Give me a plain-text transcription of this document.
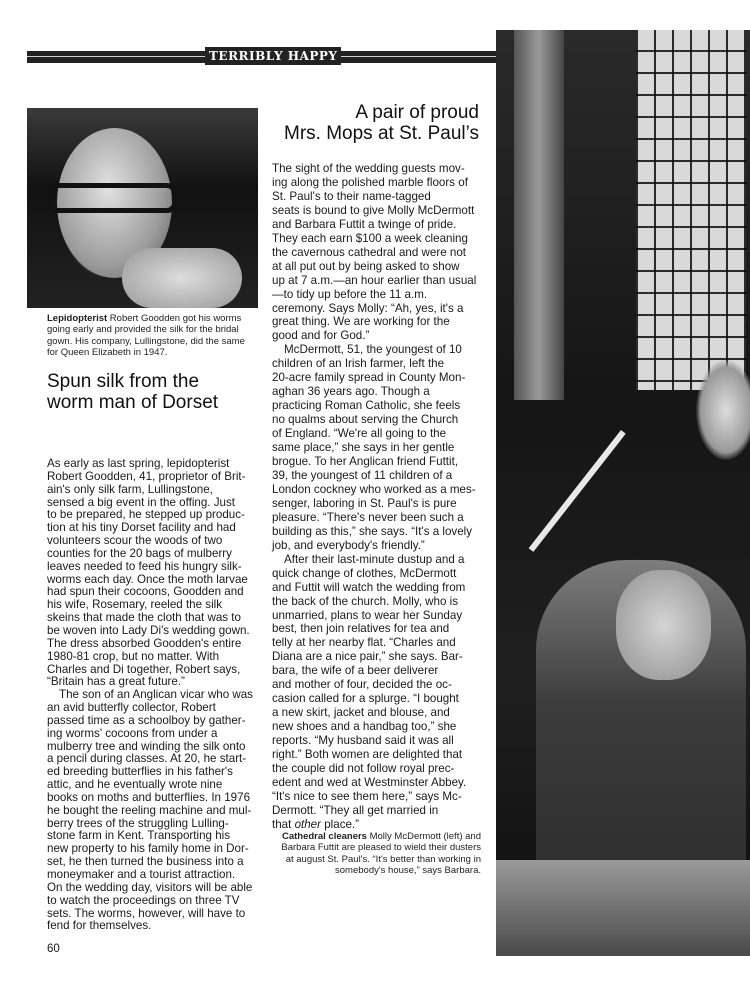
TERRIBLY HAPPY
Lepidopterist Robert Goodden got his worms
going early and provided the silk for the bridal
gown. His company, Lullingstone, did the same
for Queen Elizabeth in 1947.
Spun silk from the
worm man of Dorset
As early as last spring, lepidopterist
Robert Goodden, 41, proprietor of Brit-
ain's only silk farm, Lullingstone,
sensed a big event in the offing. Just
to be prepared, he stepped up produc-
tion at his tiny Dorset facility and had
volunteers scour the woods of two
counties for the 20 bags of mulberry
leaves needed to feed his hungry silk-
worms each day. Once the moth larvae
had spun their cocoons, Goodden and
his wife, Rosemary, reeled the silk
skeins that made the cloth that was to
be woven into Lady Di's wedding gown.
The dress absorbed Goodden's entire
1980-81 crop, but no matter. With
Charles and Di together, Robert says,
“Britain has a great future.”
The son of an Anglican vicar who was
an avid butterfly collector, Robert
passed time as a schoolboy by gather-
ing worms' cocoons from under a
mulberry tree and winding the silk onto
a pencil during classes. At 20, he start-
ed breeding butterflies in his father's
attic, and he eventually wrote nine
books on moths and butterflies. In 1976
he bought the reeling machine and mul-
berry trees of the struggling Lulling-
stone farm in Kent. Transporting his
new property to his family home in Dor-
set, he then turned the business into a
moneymaker and a tourist attraction.
On the wedding day, visitors will be able
to watch the proceedings on three TV
sets. The worms, however, will have to
fend for themselves.
60
A pair of proud
Mrs. Mops at St. Paul’s
The sight of the wedding guests mov-
ing along the polished marble floors of
St. Paul's to their name-tagged
seats is bound to give Molly McDermott
and Barbara Futtit a twinge of pride.
They each earn $100 a week cleaning
the cavernous cathedral and were not
at all put out by being asked to show
up at 7 a.m.—an hour earlier than usual
—to tidy up before the 11 a.m.
ceremony. Says Molly: “Ah, yes, it's a
great thing. We are working for the
good and for God.”
McDermott, 51, the youngest of 10
children of an Irish farmer, left the
20-acre family spread in County Mon-
aghan 36 years ago. Though a
practicing Roman Catholic, she feels
no qualms about serving the Church
of England. “We're all going to the
same place,” she says in her gentle
brogue. To her Anglican friend Futtit,
39, the youngest of 11 children of a
London cockney who worked as a mes-
senger, laboring in St. Paul's is pure
pleasure. “There's never been such a
building as this,” she says. “It's a lovely
job, and everybody's friendly.”
After their last-minute dustup and a
quick change of clothes, McDermott
and Futtit will watch the wedding from
the back of the church. Molly, who is
unmarried, plans to wear her Sunday
best, then join relatives for tea and
telly at her nearby flat. “Charles and
Diana are a nice pair,” she says. Bar-
bara, the wife of a beer deliverer
and mother of four, decided the oc-
casion called for a splurge. “I bought
a new skirt, jacket and blouse, and
new shoes and a handbag too,” she
reports. “My husband said it was all
right.” Both women are delighted that
the couple did not follow royal prec-
edent and wed at Westminster Abbey.
“It's nice to see them here,” says Mc-
Dermott. “They all get married in
that other place.”
Cathedral cleaners Molly McDermott (left) and
Barbara Futtit are pleased to wield their dusters
at august St. Paul's. “It's better than working in
somebody's house,” says Barbara.
